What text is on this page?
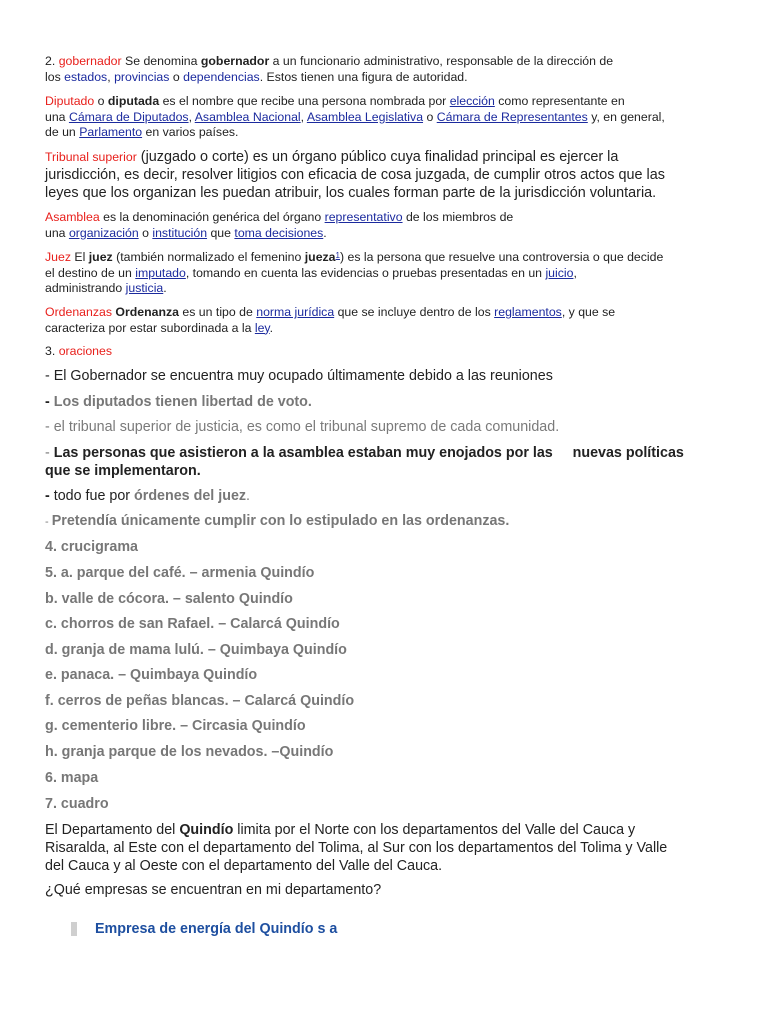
2. gobernador Se denomina gobernador a un funcionario administrativo, responsable de la dirección de
los estados, provincias o dependencias. Estos tienen una figura de autoridad.
Diputado o diputada es el nombre que recibe una persona nombrada por elección como representante en
una Cámara de Diputados, Asamblea Nacional, Asamblea Legislativa o Cámara de Representantes y, en general,
de un Parlamento en varios países.
Tribunal superior (juzgado o corte) es un órgano público cuya finalidad principal es ejercer la
jurisdicción, es decir, resolver litigios con eficacia de cosa juzgada, de cumplir otros actos que las
leyes que los organizan les puedan atribuir, los cuales forman parte de la jurisdicción voluntaria.
Asamblea es la denominación genérica del órgano representativo de los miembros de
una organización o institución que toma decisiones.
Juez El juez (también normalizado el femenino jueza$^1$) es la persona que resuelve una controversia o que decide
el destino de un imputado, tomando en cuenta las evidencias o pruebas presentadas en un juicio,
administrando justicia.
Ordenanzas Ordenanza es un tipo de norma jurídica que se incluye dentro de los reglamentos, y que se
caracteriza por estar subordinada a la ley.
3. oraciones
- El Gobernador se encuentra muy ocupado últimamente debido a las reuniones
- Los diputados tienen libertad de voto.
- el tribunal superior de justicia, es como el tribunal supremo de cada comunidad.
- Las personas que asistieron a la asamblea estaban muy enojados por las nuevas políticas
que se implementaron.
- todo fue por órdenes del juez.
- Pretendía únicamente cumplir con lo estipulado en las ordenanzas.
4. crucigrama
5. a. parque del café. – armenia Quindío
b. valle de cócora. – salento Quindío
c. chorros de san Rafael. – Calarcá Quindío
d. granja de mama lulú. – Quimbaya Quindío
e. panaca. – Quimbaya Quindío
f. cerros de peñas blancas. – Calarcá Quindío
g. cementerio libre. – Circasia Quindío
h. granja parque de los nevados. –Quindío
6. mapa
7. cuadro
El Departamento del Quindío limita por el Norte con los departamentos del Valle del Cauca y
Risaralda, al Este con el departamento del Tolima, al Sur con los departamentos del Tolima y Valle
del Cauca y al Oeste con el departamento del Valle del Cauca.
¿Qué empresas se encuentran en mi departamento?
Empresa de energía del Quindío s a
